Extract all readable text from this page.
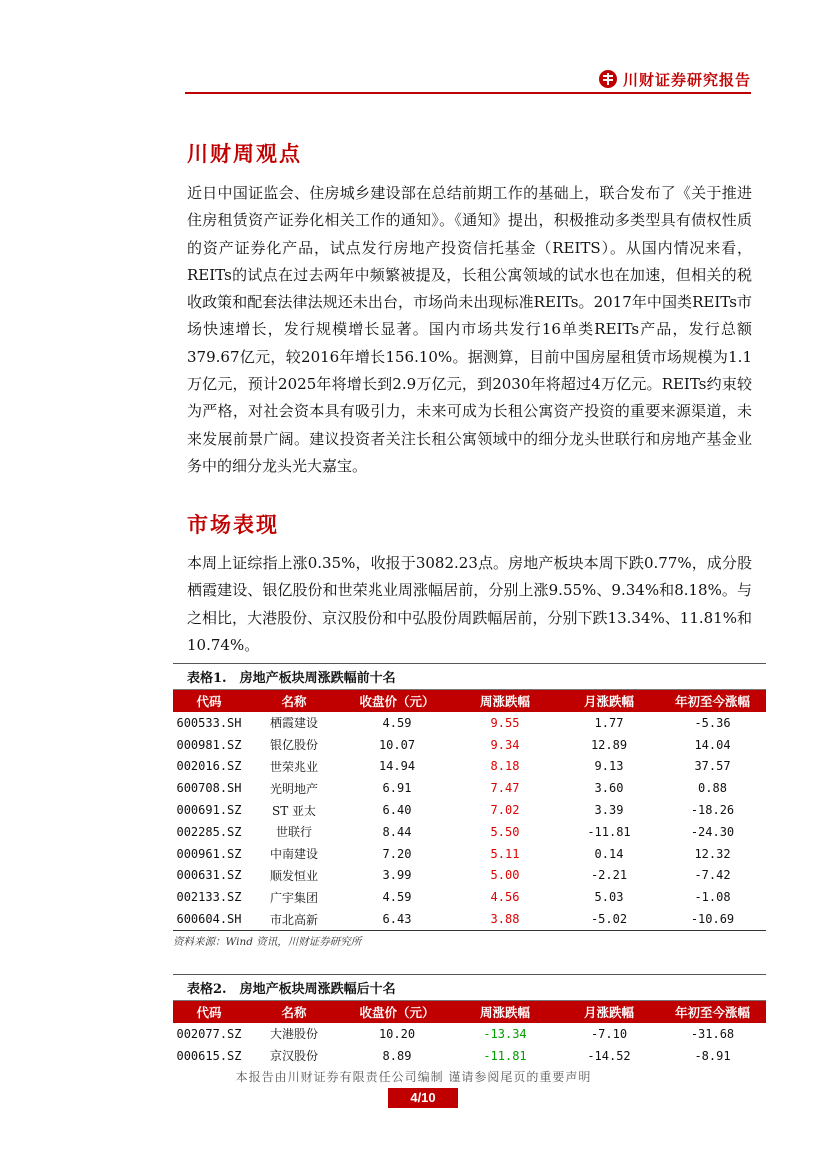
川财证券研究报告
川财周观点

近日中国证监会、住房城乡建设部在总结前期工作的基础上，联合发布了《关于推进住房租赁资产证券化相关工作的通知》。《通知》提出，积极推动多类型具有债权性质的资产证券化产品，试点发行房地产投资信托基金（REITS）。从国内情况来看，REITs的试点在过去两年中频繁被提及，长租公寓领域的试水也在加速，但相关的税收政策和配套法律法规还未出台，市场尚未出现标准REITs。2017年中国类REITs市场快速增长，发行规模增长显著。国内市场共发行16单类REITs产品，发行总额379.67亿元，较2016年增长156.10%。据测算，目前中国房屋租赁市场规模为1.1万亿元，预计2025年将增长到2.9万亿元，到2030年将超过4万亿元。REITs约束较为严格，对社会资本具有吸引力，未来可成为长租公寓资产投资的重要来源渠道，未来发展前景广阔。建议投资者关注长租公寓领域中的细分龙头世联行和房地产基金业务中的细分龙头光大嘉宝。

市场表现

本周上证综指上涨0.35%，收报于3082.23点。房地产板块本周下跌0.77%，成分股栖霞建设、银亿股份和世荣兆业周涨幅居前，分别上涨9.55%、9.34%和8.18%。与之相比，大港股份、京汉股份和中弘股份周跌幅居前，分别下跌13.34%、11.81%和10.74%。

表格1.　房地产板块周涨跌幅前十名
代码	名称	收盘价（元）	周涨跌幅	月涨跌幅	年初至今涨幅
600533.SH	栖霞建设	4.59	9.55	1.77	-5.36
000981.SZ	银亿股份	10.07	9.34	12.89	14.04
002016.SZ	世荣兆业	14.94	8.18	9.13	37.57
600708.SH	光明地产	6.91	7.47	3.60	0.88
000691.SZ	ST 亚太	6.40	7.02	3.39	-18.26
002285.SZ	世联行	8.44	5.50	-11.81	-24.30
000961.SZ	中南建设	7.20	5.11	0.14	12.32
000631.SZ	顺发恒业	3.99	5.00	-2.21	-7.42
002133.SZ	广宇集团	4.59	4.56	5.03	-1.08
600604.SH	市北高新	6.43	3.88	-5.02	-10.69
资料来源：Wind 资讯，川财证券研究所
表格2.　房地产板块周涨跌幅后十名
代码	名称	收盘价（元）	周涨跌幅	月涨跌幅	年初至今涨幅
002077.SZ	大港股份	10.20	-13.34	-7.10	-31.68
000615.SZ	京汉股份	8.89	-11.81	-14.52	-8.91
本报告由川财证券有限责任公司编制 谨请参阅尾页的重要声明
4/10
